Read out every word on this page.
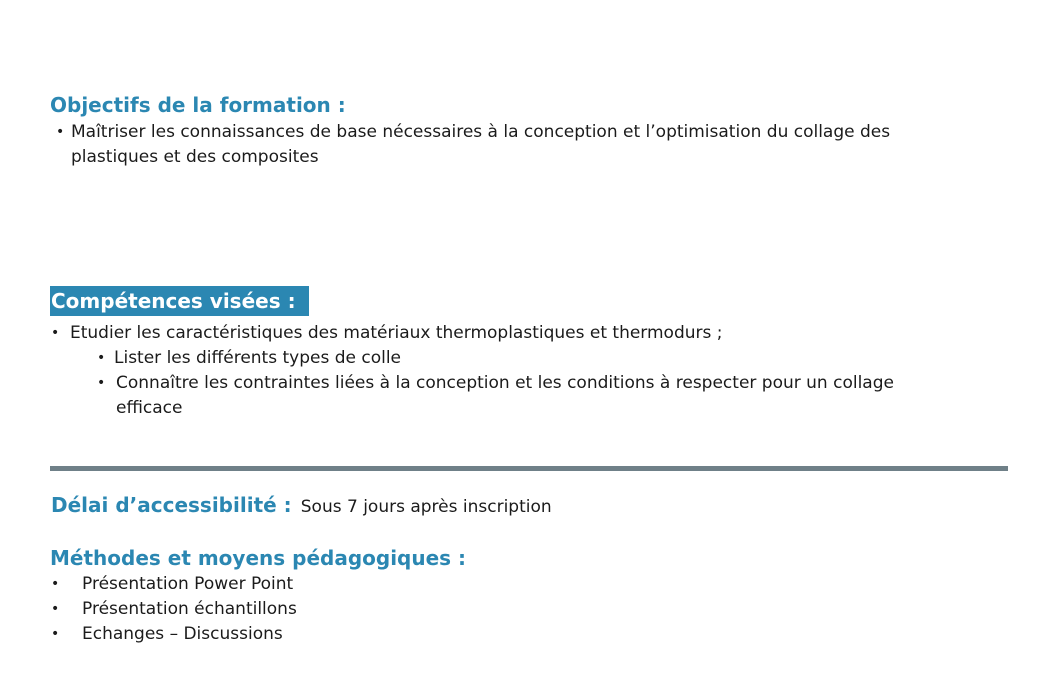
Objectifs de la formation :
• Maîtriser les connaissances de base nécessaires à la conception et l’optimisation du collage des
plastiques et des composites
Compétences visées :
• Etudier les caractéristiques des matériaux thermoplastiques et thermodurs ;
• Lister les différents types de colle
• Connaître les contraintes liées à la conception et les conditions à respecter pour un collage
efficace
Délai d’accessibilité : Sous 7 jours après inscription
Méthodes et moyens pédagogiques :
• Présentation Power Point
• Présentation échantillons
• Echanges – Discussions
